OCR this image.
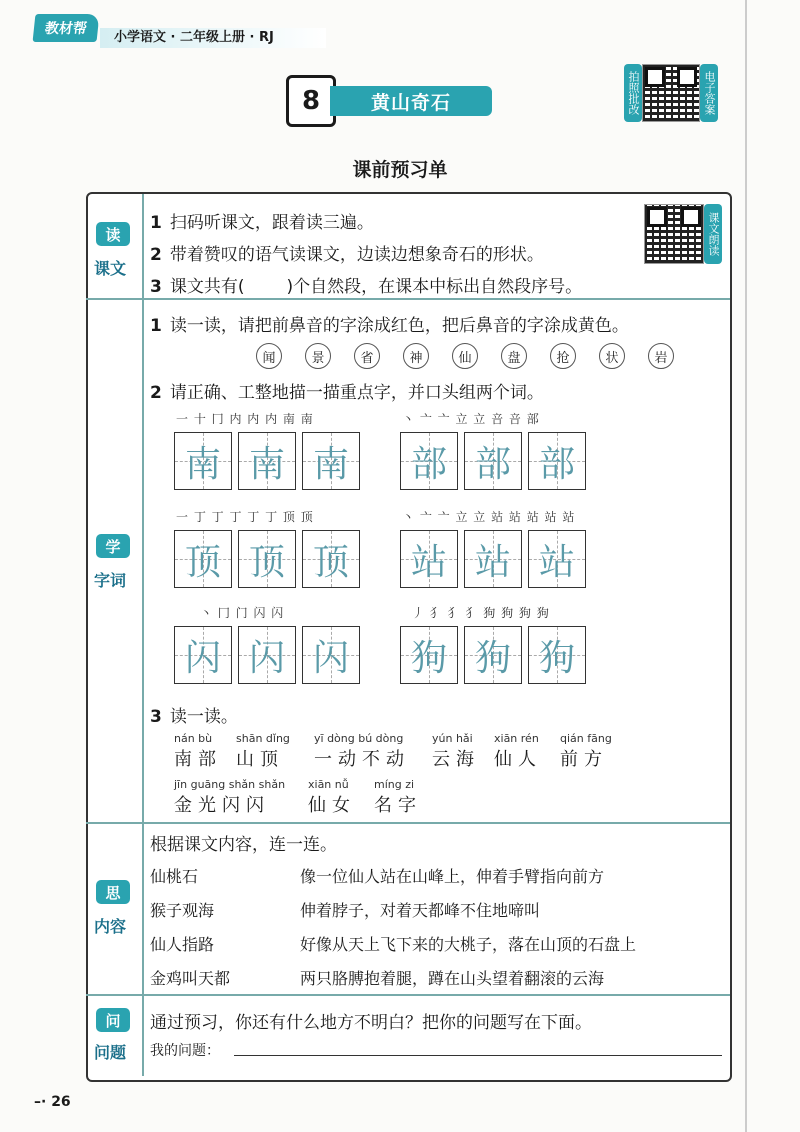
教材帮
小学语文 · 二年级上册 · RJ
8	黄山奇石	拍照批改	电子答案
课前预习单
读
课文
1 扫码听课文，跟着读三遍。
2 带着赞叹的语气读课文，边读边想象奇石的形状。
3 课文共有( )个自然段，在课本中标出自然段序号。
课文朗读
学
字词
1 读一读，请把前鼻音的字涂成红色，把后鼻音的字涂成黄色。
闻	景	省	神	仙	盘	抢	状	岩
2 请正确、工整地描一描重点字，并口头组两个词。
一 十 冂 内 内 内 南 南
南 南 南
丶 亠 亠 立 立 咅 咅 部
部 部 部
一 丁 丁 丁 丁 丁 顶 顶
顶 顶 顶
丶 亠 亠 立 立 站 站 站 站 站
站 站 站
丶 冂 门 闪 闪
闪 闪 闪
丿 犭 犭 犭 狗 狗 狗 狗
狗 狗 狗
3 读一读。
nán bù
南部
shān dǐng
山顶
yī dòng bú dòng
一动不动
yún hǎi
云海
xiān rén
仙人
qián fāng
前方
jīn guāng shǎn shǎn
金光闪闪
xiān nǚ
仙女
míng zi
名字
思
内容
根据课文内容，连一连。
仙桃石
猴子观海
仙人指路
金鸡叫天都
像一位仙人站在山峰上，伸着手臂指向前方
伸着脖子，对着天都峰不住地啼叫
好像从天上飞下来的大桃子，落在山顶的石盘上
两只胳膊抱着腿，蹲在山头望着翻滚的云海
问
问题
通过预习，你还有什么地方不明白？把你的问题写在下面。
我的问题：
–· 26
